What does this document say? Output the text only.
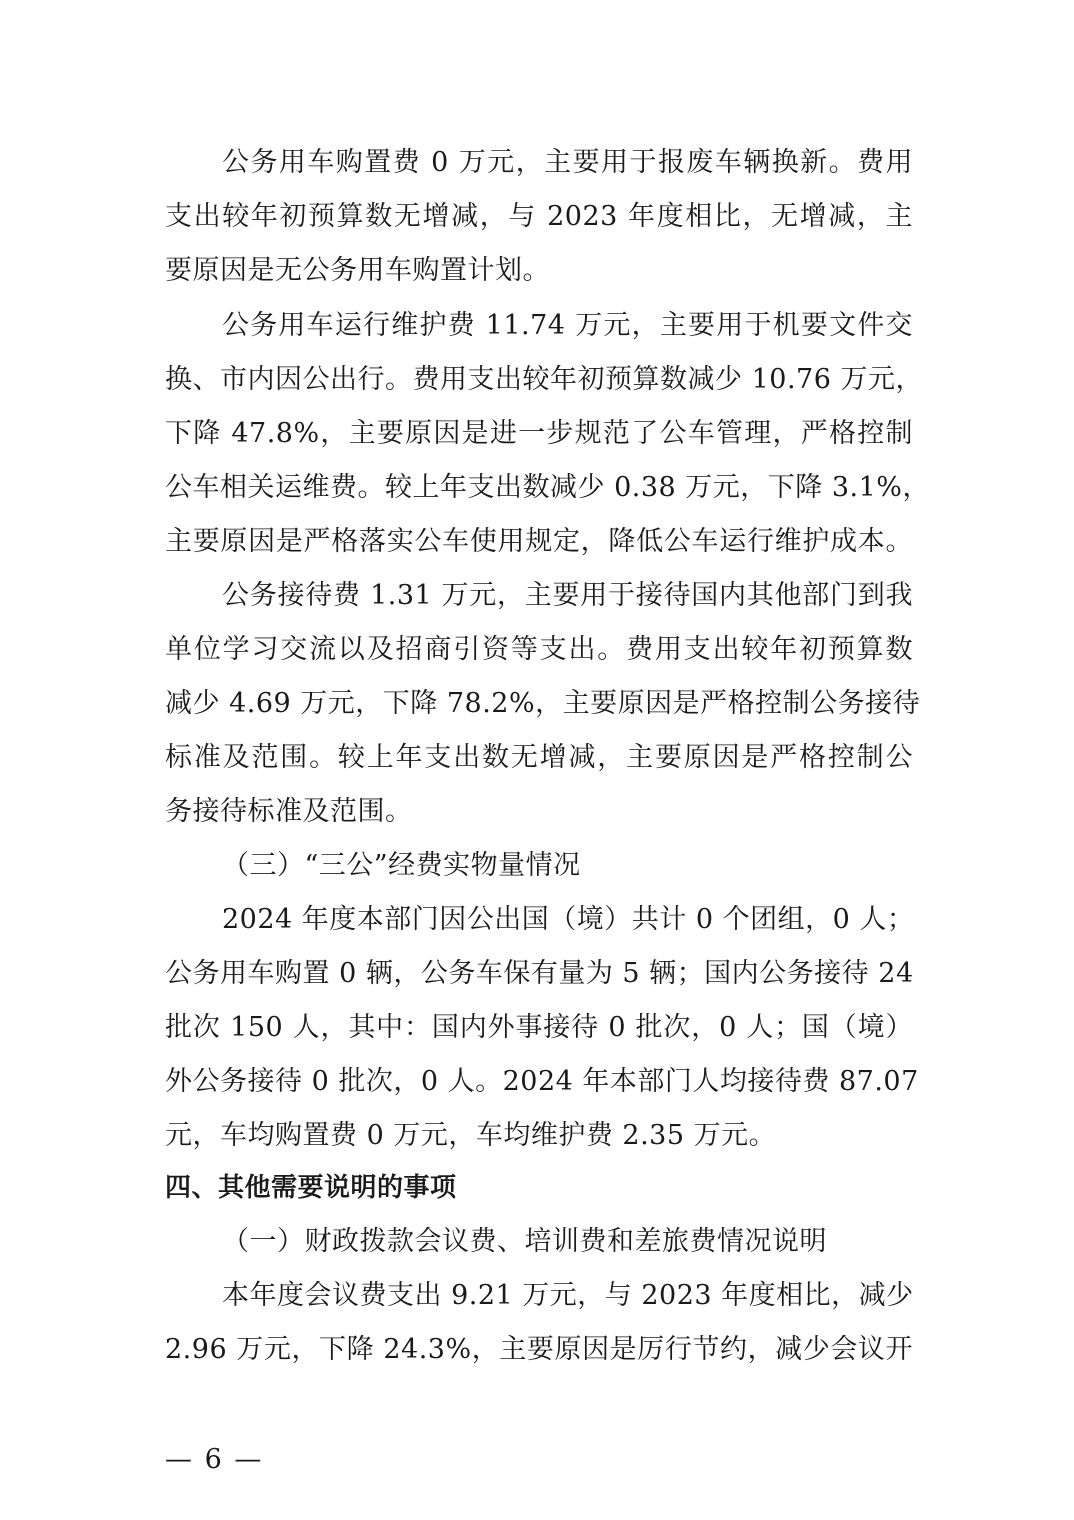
公务用车购置费 0 万元，主要用于报废车辆换新。费用
支出较年初预算数无增减，与 2023 年度相比，无增减，主
要原因是无公务用车购置计划。
公务用车运行维护费 11.74 万元，主要用于机要文件交
换、市内因公出行。费用支出较年初预算数减少 10.76 万元，
下降 47.8%，主要原因是进一步规范了公车管理，严格控制
公车相关运维费。较上年支出数减少 0.38 万元，下降 3.1%，
主要原因是严格落实公车使用规定，降低公车运行维护成本。
公务接待费 1.31 万元，主要用于接待国内其他部门到我
单位学习交流以及招商引资等支出。费用支出较年初预算数
减少 4.69 万元，下降 78.2%，主要原因是严格控制公务接待
标准及范围。较上年支出数无增减，主要原因是严格控制公
务接待标准及范围。
（三）“三公”经费实物量情况
2024 年度本部门因公出国（境）共计 0 个团组，0 人；
公务用车购置 0 辆，公务车保有量为 5 辆；国内公务接待 24
批次 150 人，其中：国内外事接待 0 批次，0 人；国（境）
外公务接待 0 批次，0 人。2024 年本部门人均接待费 87.07
元，车均购置费 0 万元，车均维护费 2.35 万元。
四、其他需要说明的事项
（一）财政拨款会议费、培训费和差旅费情况说明
本年度会议费支出 9.21 万元，与 2023 年度相比，减少
2.96 万元，下降 24.3%，主要原因是厉行节约，减少会议开
— 6 —
